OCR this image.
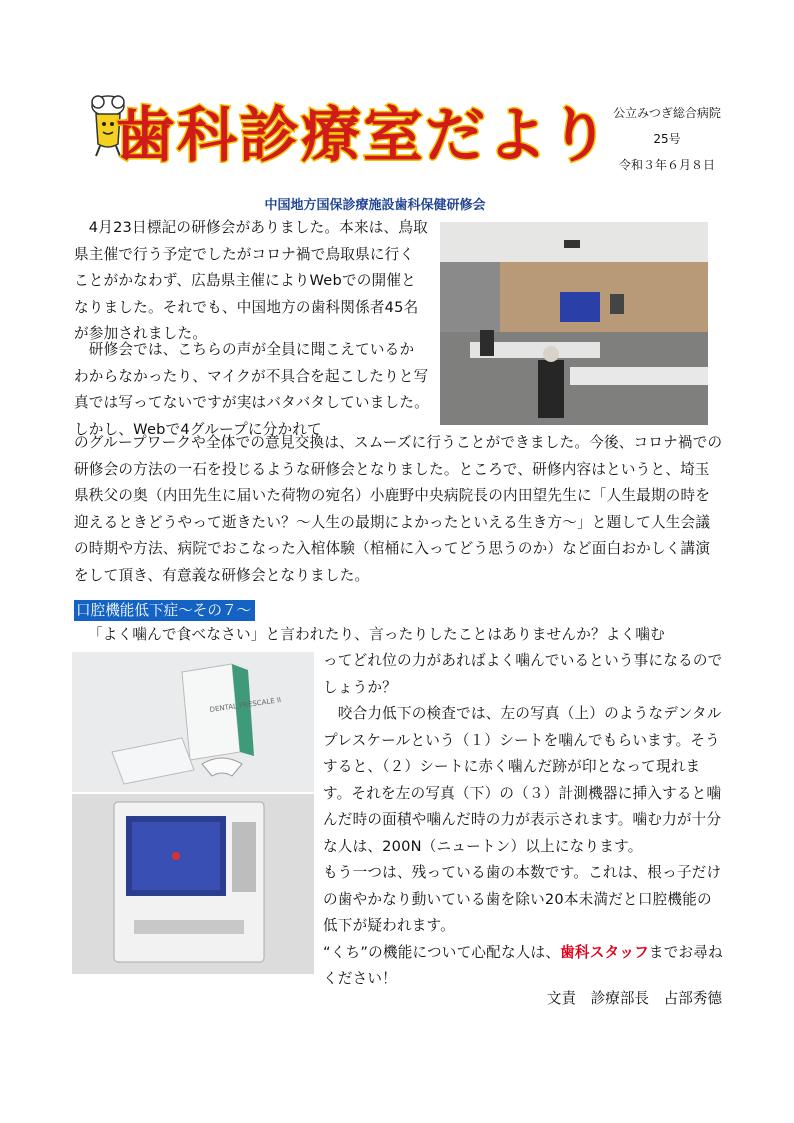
歯科診療室だより 公立みつぎ総合病院
25号
令和３年６月８日
中国地方国保診療施設歯科保健研修会
　4月23日標記の研修会がありました。本来は、鳥取県主催で行う予定でしたがコロナ禍で鳥取県に行くことがかなわず、広島県主催によりWebでの開催となりました。それでも、中国地方の歯科関係者45名が参加されました。
　研修会では、こちらの声が全員に聞こえているかわからなかったり、マイクが不具合を起こしたりと写真では写ってないですが実はバタバタしていました。しかし、Webで4グループに分かれて
のグループワークや全体での意見交換は、スムーズに行うことができました。今後、コロナ禍での研修会の方法の一石を投じるような研修会となりました。ところで、研修内容はというと、埼玉県秩父の奥（内田先生に届いた荷物の宛名）小鹿野中央病院長の内田望先生に「人生最期の時を迎えるときどうやって逝きたい？～人生の最期によかったといえる生き方～」と題して人生会議の時期や方法、病院でおこなった入棺体験（棺桶に入ってどう思うのか）など面白おかしく講演をして頂き、有意義な研修会となりました。
口腔機能低下症～その７～
「よく噛んで食べなさい」と言われたり、言ったりしたことはありませんか？よく噛む
DENTAL PRESCALE II
ってどれ位の力があればよく噛んでいるという事になるのでしょうか？
　咬合力低下の検査では、左の写真（上）のようなデンタルプレスケールという（１）シートを噛んでもらいます。そうすると、（２）シートに赤く噛んだ跡が印となって現れます。それを左の写真（下）の（３）計測機器に挿入すると噛んだ時の面積や噛んだ時の力が表示されます。噛む力が十分な人は、200N（ニュートン）以上になります。
もう一つは、残っている歯の本数です。これは、根っ子だけの歯やかなり動いている歯を除い20本未満だと口腔機能の低下が疑われます。
“くち”の機能について心配な人は、歯科スタッフまでお尋ねください！
文責　診療部長　占部秀德
